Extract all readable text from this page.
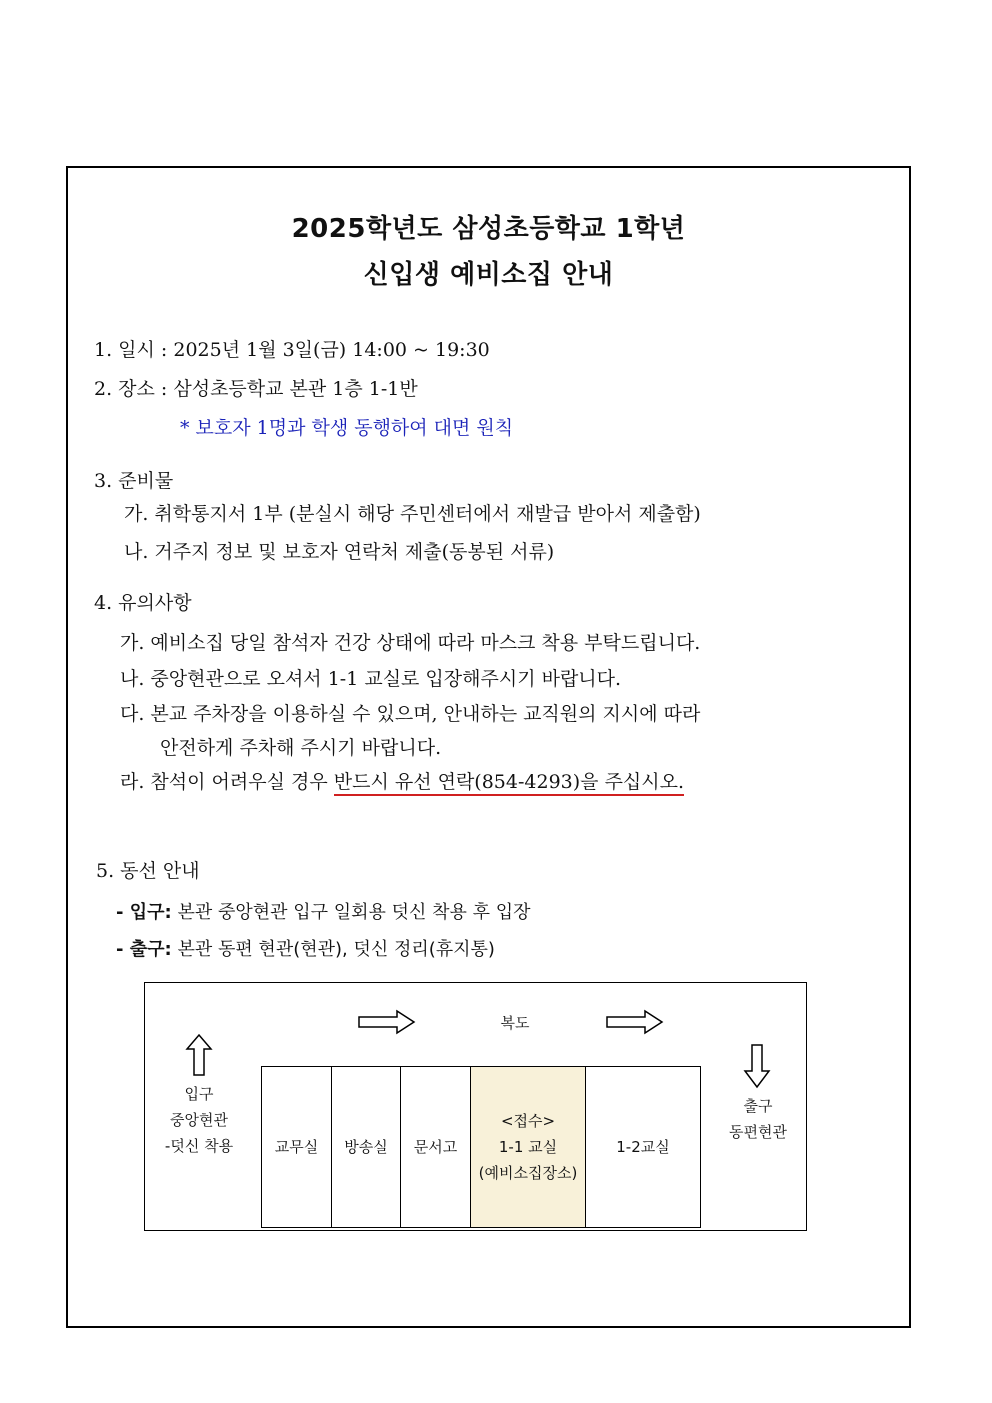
2025학년도 삼성초등학교 1학년
신입생 예비소집 안내
1. 일시 : 2025년 1월 3일(금) 14:00 ~ 19:30
2. 장소 : 삼성초등학교 본관 1층 1-1반
* 보호자 1명과 학생 동행하여 대면 원칙
3. 준비물
가. 취학통지서 1부 (분실시 해당 주민센터에서 재발급 받아서 제출함)
나. 거주지 정보 및 보호자 연락처 제출(동봉된 서류)
4. 유의사항
가. 예비소집 당일 참석자 건강 상태에 따라 마스크 착용 부탁드립니다.
나. 중앙현관으로 오셔서 1-1 교실로 입장해주시기 바랍니다.
다. 본교 주차장을 이용하실 수 있으며, 안내하는 교직원의 지시에 따라
안전하게 주차해 주시기 바랍니다.
라. 참석이 어려우실 경우 반드시 유선 연락(854-4293)을 주십시오.
5. 동선 안내
- 입구: 본관 중앙현관 입구 일회용 덧신 착용 후 입장
- 출구: 본관 동편 현관(현관), 덧신 정리(휴지통)
복도
입구
중앙현관
-덧신 착용
출구
동편현관
교무실 방송실 문서고
<접수>
1-1 교실
(예비소집장소)
1-2교실
